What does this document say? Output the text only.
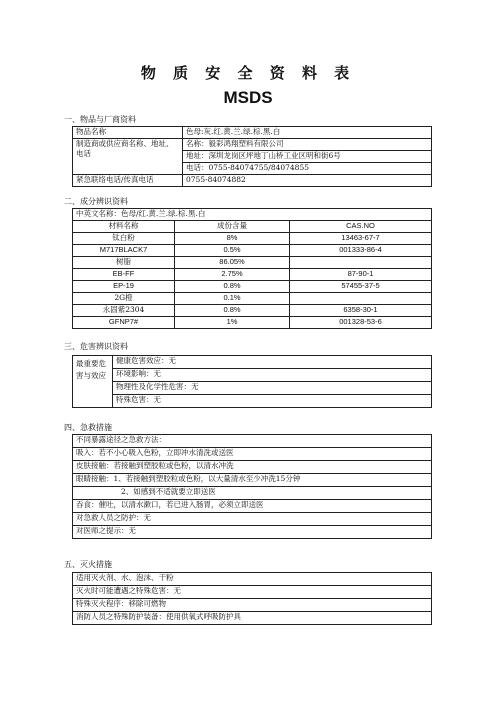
物 质 安 全 资 料 表
MSDS
一、物品与厂商资料
物品名称	色母:灰.红.黄.兰.绿.棕.黑.白
制造商或供应商名称、地址、电话	名称：毅彩鸿翔塑料有限公司
	地址：深圳龙岗区坪地丁山桥工业区明和街6号
	电话：0755-84074755/84074855
紧急联络电话/传真电话	0755-84074882
二、成分辨识资料
中英文名称：色母/红.黄.兰.绿.棕.黑.白		
材料名称	成份含量	CAS.NO
钛白粉	8%	13463-67-7
M717BLACK7	0.5%	001333-86-4
树脂	86.05%	
EB-FF	2.75%	87-90-1
EP-19	0.8%	57455-37-5
2G橙	0.1%	
永固紫2304	0.8%	6358-30-1
GFNP7#	1%	001328-53-6
三、危害辨识资料
最重要危害与效应	健康危害效应：无
环境影响：无
物理性及化学性危害：无
特殊危害：无
四、急救措施
不同暴露途径之急救方法：
吸入：若不小心吸入色粉，立即冲水清洗或送医
皮肤接触：若接触到塑胶粒或色粉，以清水冲洗
眼睛接触：1、若接触到塑胶粒或色粉，以大量清水至少冲洗15分钟
2、如感到不适就要立即送医
吞食：催吐，以清水漱口，若已进入肠胃，必须立即送医
对急救人员之防护：无
对医师之提示：无
五、灭火措施
适用灭火剂、水、泡沫、干粉
灭火时可能遭遇之特殊危害：无
特殊灭火程序：移除可燃物
消防人员之特殊防护装备：使用供氧式呼吸防护具
